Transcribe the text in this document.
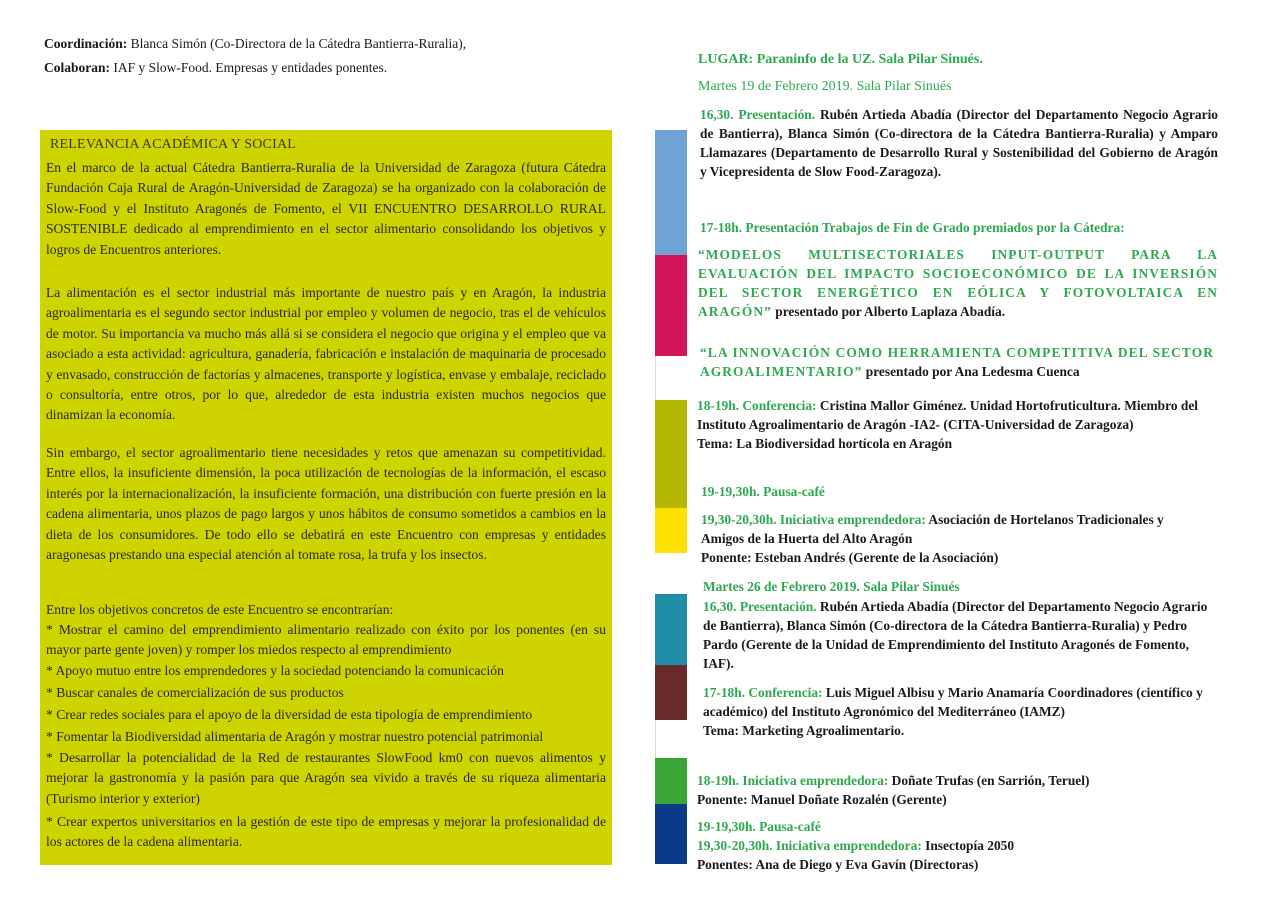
Coordinación: Blanca Simón (Co-Directora de la Cátedra Bantierra-Ruralia),
Colaboran: IAF y Slow-Food. Empresas y entidades ponentes.
RELEVANCIA ACADÉMICA Y SOCIAL
En el marco de la actual Cátedra Bantierra-Ruralia de la Universidad de Zaragoza (futura Cátedra Fundación Caja Rural de Aragón-Universidad de Zaragoza) se ha organizado con la colaboración de Slow-Food y el Instituto Aragonés de Fomento, el VII ENCUENTRO DESARROLLO RURAL SOSTENIBLE dedicado al emprendimiento en el sector alimentario consolidando los objetivos y logros de Encuentros anteriores.
La alimentación es el sector industrial más importante de nuestro país y en Aragón, la industria agroalimentaria es el segundo sector industrial por empleo y volumen de negocio, tras el de vehículos de motor. Su importancia va mucho más allá si se considera el negocio que origina y el empleo que va asociado a esta actividad: agricultura, ganadería, fabricación e instalación de maquinaria de procesado y envasado, construcción de factorías y almacenes, transporte y logística, envase y embalaje, reciclado o consultoría, entre otros, por lo que, alrededor de esta industria existen muchos negocios que dinamizan la economía.
Sin embargo, el sector agroalimentario tiene necesidades y retos que amenazan su competitividad. Entre ellos, la insuficiente dimensión, la poca utilización de tecnologías de la información, el escaso interés por la internacionalización, la insuficiente formación, una distribución con fuerte presión en la cadena alimentaria, unos plazos de pago largos y unos hábitos de consumo sometidos a cambios en la dieta de los consumidores. De todo ello se debatirá en este Encuentro con empresas y entidades aragonesas prestando una especial atención al tomate rosa, la trufa y los insectos.
Entre los objetivos concretos de este Encuentro se encontrarían:
* Mostrar el camino del emprendimiento alimentario realizado con éxito por los ponentes (en su mayor parte gente joven) y romper los miedos respecto al emprendimiento
* Apoyo mutuo entre los emprendedores y la sociedad potenciando la comunicación
* Buscar canales de comercialización de sus productos
* Crear redes sociales para el apoyo de la diversidad de esta tipología de emprendimiento
* Fomentar la Biodiversidad alimentaria de Aragón y mostrar nuestro potencial patrimonial
* Desarrollar la potencialidad de la Red de restaurantes SlowFood km0 con nuevos alimentos y mejorar la gastronomía y la pasión para que Aragón sea vivido a través de su riqueza alimentaria (Turismo interior y exterior)
* Crear expertos universitarios en la gestión de este tipo de empresas y mejorar la profesionalidad de los actores de la cadena alimentaria.
LUGAR: Paraninfo de la UZ. Sala Pilar Sinués.
Martes 19 de Febrero 2019. Sala Pilar Sinués
16,30. Presentación. Rubén Artieda Abadía (Director del Departamento Negocio Agrario de Bantierra), Blanca Simón (Co-directora de la Cátedra Bantierra-Ruralia) y Amparo Llamazares (Departamento de Desarrollo Rural y Sostenibilidad del Gobierno de Aragón y Vicepresidenta de Slow Food-Zaragoza).
17-18h. Presentación Trabajos de Fin de Grado premiados por la Cátedra:
“MODELOS MULTISECTORIALES INPUT-OUTPUT PARA LA EVALUACIÓN DEL IMPACTO SOCIOECONÓMICO DE LA INVERSIÓN DEL SECTOR ENERGÉTICO EN EÓLICA Y FOTOVOLTAICA EN ARAGÓN” presentado por Alberto Laplaza Abadía.
“LA INNOVACIÓN COMO HERRAMIENTA COMPETITIVA DEL SECTOR AGROALIMENTARIO” presentado por Ana Ledesma Cuenca
18-19h. Conferencia: Cristina Mallor Giménez. Unidad Hortofruticultura. Miembro del Instituto Agroalimentario de Aragón -IA2- (CITA-Universidad de Zaragoza)
Tema: La Biodiversidad hortícola en Aragón
19-19,30h. Pausa-café
19,30-20,30h. Iniciativa emprendedora: Asociación de Hortelanos Tradicionales y Amigos de la Huerta del Alto Aragón
Ponente: Esteban Andrés (Gerente de la Asociación)
Martes 26 de Febrero 2019. Sala Pilar Sinués
16,30. Presentación. Rubén Artieda Abadía (Director del Departamento Negocio Agrario de Bantierra), Blanca Simón (Co-directora de la Cátedra Bantierra-Ruralia) y Pedro Pardo (Gerente de la Unidad de Emprendimiento del Instituto Aragonés de Fomento, IAF).
17-18h. Conferencia: Luis Miguel Albisu y Mario Anamaría Coordinadores (científico y académico) del Instituto Agronómico del Mediterráneo (IAMZ)
Tema: Marketing Agroalimentario.
18-19h. Iniciativa emprendedora: Doñate Trufas (en Sarrión, Teruel)
Ponente: Manuel Doñate Rozalén (Gerente)
19-19,30h. Pausa-café
19,30-20,30h. Iniciativa emprendedora: Insectopía 2050
Ponentes: Ana de Diego y Eva Gavín (Directoras)
